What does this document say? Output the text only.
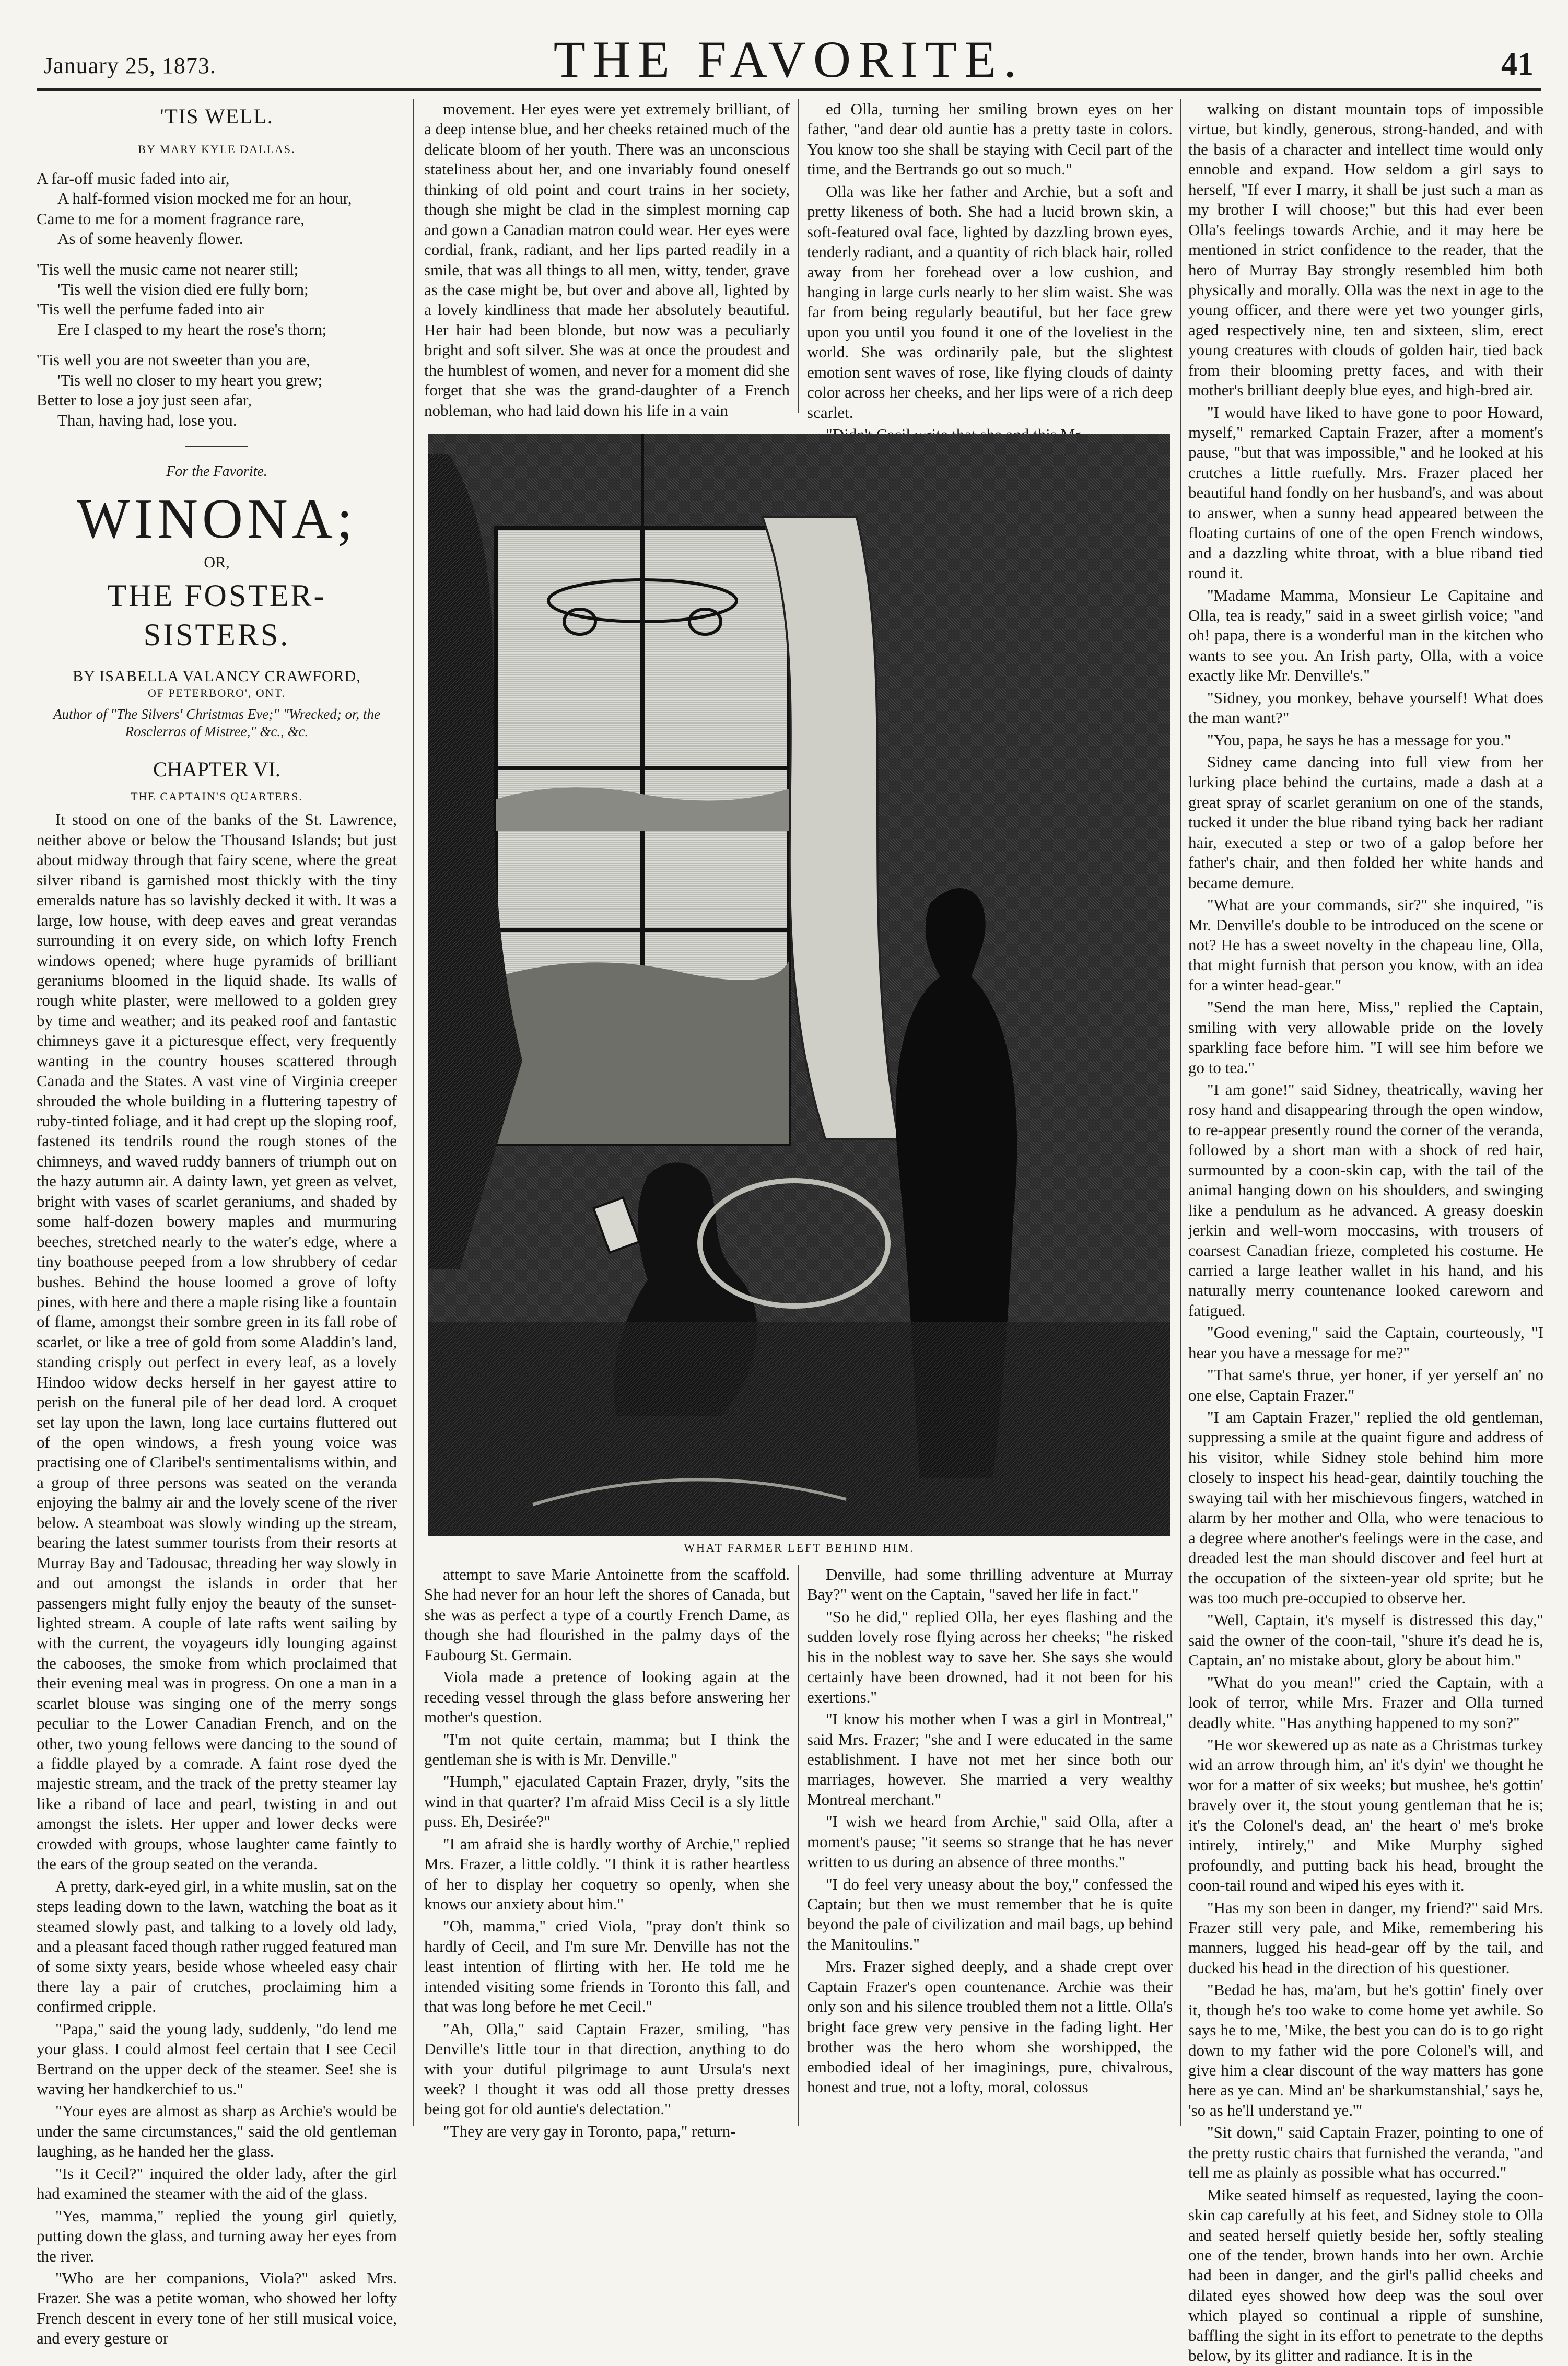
January 25, 1873.	THE FAVORITE.	41
'TIS WELL.
BY MARY KYLE DALLAS.

A far-off music faded into air,

A half-formed vision mocked me for an hour,

Came to me for a moment fragrance rare,

As of some heavenly flower.

'Tis well the music came not nearer still;

'Tis well the vision died ere fully born;

'Tis well the perfume faded into air

Ere I clasped to my heart the rose's thorn;

'Tis well you are not sweeter than you are,

'Tis well no closer to my heart you grew;

Better to lose a joy just seen afar,

Than, having had, lose you.

For the Favorite.
WINONA;
OR,
THE FOSTER-SISTERS.
BY ISABELLA VALANCY CRAWFORD,
OF PETERBORO', ONT.
Author of "The Silvers' Christmas Eve;" "Wrecked; or, the Rosclerras of Mistree," &c., &c.
CHAPTER VI.
THE CAPTAIN'S QUARTERS.

It stood on one of the banks of the St. Lawrence, neither above or below the Thousand Islands; but just about midway through that fairy scene, where the great silver riband is garnished most thickly with the tiny emeralds nature has so lavishly decked it with. It was a large, low house, with deep eaves and great verandas surrounding it on every side, on which lofty French windows opened; where huge pyramids of brilliant geraniums bloomed in the liquid shade. Its walls of rough white plaster, were mellowed to a golden grey by time and weather; and its peaked roof and fantastic chimneys gave it a picturesque effect, very frequently wanting in the country houses scattered through Canada and the States. A vast vine of Virginia creeper shrouded the whole building in a fluttering tapestry of ruby-tinted foliage, and it had crept up the sloping roof, fastened its tendrils round the rough stones of the chimneys, and waved ruddy banners of triumph out on the hazy autumn air. A dainty lawn, yet green as velvet, bright with vases of scarlet geraniums, and shaded by some half-dozen bowery maples and murmuring beeches, stretched nearly to the water's edge, where a tiny boathouse peeped from a low shrubbery of cedar bushes. Behind the house loomed a grove of lofty pines, with here and there a maple rising like a fountain of flame, amongst their sombre green in its fall robe of scarlet, or like a tree of gold from some Aladdin's land, standing crisply out perfect in every leaf, as a lovely Hindoo widow decks herself in her gayest attire to perish on the funeral pile of her dead lord. A croquet set lay upon the lawn, long lace curtains fluttered out of the open windows, a fresh young voice was practising one of Claribel's sentimentalisms within, and a group of three persons was seated on the veranda enjoying the balmy air and the lovely scene of the river below. A steamboat was slowly winding up the stream, bearing the latest summer tourists from their resorts at Murray Bay and Tadousac, threading her way slowly in and out amongst the islands in order that her passengers might fully enjoy the beauty of the sunset-lighted stream. A couple of late rafts went sailing by with the current, the voyageurs idly lounging against the cabooses, the smoke from which proclaimed that their evening meal was in progress. On one a man in a scarlet blouse was singing one of the merry songs peculiar to the Lower Canadian French, and on the other, two young fellows were dancing to the sound of a fiddle played by a comrade. A faint rose dyed the majestic stream, and the track of the pretty steamer lay like a riband of lace and pearl, twisting in and out amongst the islets. Her upper and lower decks were crowded with groups, whose laughter came faintly to the ears of the group seated on the veranda.

A pretty, dark-eyed girl, in a white muslin, sat on the steps leading down to the lawn, watching the boat as it steamed slowly past, and talking to a lovely old lady, and a pleasant faced though rather rugged featured man of some sixty years, beside whose wheeled easy chair there lay a pair of crutches, proclaiming him a confirmed cripple.

"Papa," said the young lady, suddenly, "do lend me your glass. I could almost feel certain that I see Cecil Bertrand on the upper deck of the steamer. See! she is waving her handkerchief to us."

"Your eyes are almost as sharp as Archie's would be under the same circumstances," said the old gentleman laughing, as he handed her the glass.

"Is it Cecil?" inquired the older lady, after the girl had examined the steamer with the aid of the glass.

"Yes, mamma," replied the young girl quietly, putting down the glass, and turning away her eyes from the river.

"Who are her companions, Viola?" asked Mrs. Frazer. She was a petite woman, who showed her lofty French descent in every tone of her still musical voice, and every gesture or

movement. Her eyes were yet extremely brilliant, of a deep intense blue, and her cheeks retained much of the delicate bloom of her youth. There was an unconscious stateliness about her, and one invariably found oneself thinking of old point and court trains in her society, though she might be clad in the simplest morning cap and gown a Canadian matron could wear. Her eyes were cordial, frank, radiant, and her lips parted readily in a smile, that was all things to all men, witty, tender, grave as the case might be, but over and above all, lighted by a lovely kindliness that made her absolutely beautiful. Her hair had been blonde, but now was a peculiarly bright and soft silver. She was at once the proudest and the humblest of women, and never for a moment did she forget that she was the grand-daughter of a French nobleman, who had laid down his life in a vain

ed Olla, turning her smiling brown eyes on her father, "and dear old auntie has a pretty taste in colors. You know too she shall be staying with Cecil part of the time, and the Bertrands go out so much."

Olla was like her father and Archie, but a soft and pretty likeness of both. She had a lucid brown skin, a soft-featured oval face, lighted by dazzling brown eyes, tenderly radiant, and a quantity of rich black hair, rolled away from her forehead over a low cushion, and hanging in large curls nearly to her slim waist. She was far from being regularly beautiful, but her face grew upon you until you found it one of the loveliest in the world. She was ordinarily pale, but the slightest emotion sent waves of rose, like flying clouds of dainty color across her cheeks, and her lips were of a rich deep scarlet.

WHAT FARMER LEFT BEHIND HIM.

attempt to save Marie Antoinette from the scaffold. She had never for an hour left the shores of Canada, but she was as perfect a type of a courtly French Dame, as though she had flourished in the palmy days of the Faubourg St. Germain.

Viola made a pretence of looking again at the receding vessel through the glass before answering her mother's question.

"I'm not quite certain, mamma; but I think the gentleman she is with is Mr. Denville."

"Humph," ejaculated Captain Frazer, dryly, "sits the wind in that quarter? I'm afraid Miss Cecil is a sly little puss. Eh, Desirée?"

"I am afraid she is hardly worthy of Archie," replied Mrs. Frazer, a little coldly. "I think it is rather heartless of her to display her coquetry so openly, when she knows our anxiety about him."

"Oh, mamma," cried Viola, "pray don't think so hardly of Cecil, and I'm sure Mr. Denville has not the least intention of flirting with her. He told me he intended visiting some friends in Toronto this fall, and that was long before he met Cecil."

"Ah, Olla," said Captain Frazer, smiling, "has Denville's little tour in that direction, anything to do with your dutiful pilgrimage to aunt Ursula's next week? I thought it was odd all those pretty dresses being got for old auntie's delectation."

"They are very gay in Toronto, papa," return-

Denville, had some thrilling adventure at Murray Bay?" went on the Captain, "saved her life in fact."

"So he did," replied Olla, her eyes flashing and the sudden lovely rose flying across her cheeks; "he risked his in the noblest way to save her. She says she would certainly have been drowned, had it not been for his exertions."

"I know his mother when I was a girl in Montreal," said Mrs. Frazer; "she and I were educated in the same establishment. I have not met her since both our marriages, however. She married a very wealthy Montreal merchant."

"I wish we heard from Archie," said Olla, after a moment's pause; "it seems so strange that he has never written to us during an absence of three months."

"I do feel very uneasy about the boy," confessed the Captain; but then we must remember that he is quite beyond the pale of civilization and mail bags, up behind the Manitoulins."

Mrs. Frazer sighed deeply, and a shade crept over Captain Frazer's open countenance. Archie was their only son and his silence troubled them not a little. Olla's bright face grew very pensive in the fading light. Her brother was the hero whom she worshipped, the embodied ideal of her imaginings, pure, chivalrous, honest and true, not a lofty, moral, colossus

walking on distant mountain tops of impossible virtue, but kindly, generous, strong-handed, and with the basis of a character and intellect time would only ennoble and expand. How seldom a girl says to herself, "If ever I marry, it shall be just such a man as my brother I will choose;" but this had ever been Olla's feelings towards Archie, and it may here be mentioned in strict confidence to the reader, that the hero of Murray Bay strongly resembled him both physically and morally. Olla was the next in age to the young officer, and there were yet two younger girls, aged respectively nine, ten and sixteen, slim, erect young creatures with clouds of golden hair, tied back from their blooming pretty faces, and with their mother's brilliant deeply blue eyes, and high-bred air.

"I would have liked to have gone to poor Howard, myself," remarked Captain Frazer, after a moment's pause, "but that was impossible," and he looked at his crutches a little ruefully. Mrs. Frazer placed her beautiful hand fondly on her husband's, and was about to answer, when a sunny head appeared between the floating curtains of one of the open French windows, and a dazzling white throat, with a blue riband tied round it.

"Madame Mamma, Monsieur Le Capitaine and Olla, tea is ready," said in a sweet girlish voice; "and oh! papa, there is a wonderful man in the kitchen who wants to see you. An Irish party, Olla, with a voice exactly like Mr. Denville's."

"Sidney, you monkey, behave yourself! What does the man want?"

"You, papa, he says he has a message for you."

Sidney came dancing into full view from her lurking place behind the curtains, made a dash at a great spray of scarlet geranium on one of the stands, tucked it under the blue riband tying back her radiant hair, executed a step or two of a galop before her father's chair, and then folded her white hands and became demure.

"What are your commands, sir?" she inquired, "is Mr. Denville's double to be introduced on the scene or not? He has a sweet novelty in the chapeau line, Olla, that might furnish that person you know, with an idea for a winter head-gear."

"Send the man here, Miss," replied the Captain, smiling with very allowable pride on the lovely sparkling face before him. "I will see him before we go to tea."

"I am gone!" said Sidney, theatrically, waving her rosy hand and disappearing through the open window, to re-appear presently round the corner of the veranda, followed by a short man with a shock of red hair, surmounted by a coon-skin cap, with the tail of the animal hanging down on his shoulders, and swinging like a pendulum as he advanced. A greasy doeskin jerkin and well-worn moccasins, with trousers of coarsest Canadian frieze, completed his costume. He carried a large leather wallet in his hand, and his naturally merry countenance looked careworn and fatigued.

"Good evening," said the Captain, courteously, "I hear you have a message for me?"

"That same's thrue, yer honer, if yer yerself an' no one else, Captain Frazer."

"I am Captain Frazer," replied the old gentleman, suppressing a smile at the quaint figure and address of his visitor, while Sidney stole behind him more closely to inspect his head-gear, daintily touching the swaying tail with her mischievous fingers, watched in alarm by her mother and Olla, who were tenacious to a degree where another's feelings were in the case, and dreaded lest the man should discover and feel hurt at the occupation of the sixteen-year old sprite; but he was too much pre-occupied to observe her.

"Well, Captain, it's myself is distressed this day," said the owner of the coon-tail, "shure it's dead he is, Captain, an' no mistake about, glory be about him."

"What do you mean!" cried the Captain, with a look of terror, while Mrs. Frazer and Olla turned deadly white. "Has anything happened to my son?"

"He wor skewered up as nate as a Christmas turkey wid an arrow through him, an' it's dyin' we thought he wor for a matter of six weeks; but mushee, he's gottin' bravely over it, the stout young gentleman that he is; it's the Colonel's dead, an' the heart o' me's broke intirely, intirely," and Mike Murphy sighed profoundly, and putting back his head, brought the coon-tail round and wiped his eyes with it.

"Has my son been in danger, my friend?" said Mrs. Frazer still very pale, and Mike, remembering his manners, lugged his head-gear off by the tail, and ducked his head in the direction of his questioner.

"Bedad he has, ma'am, but he's gottin' finely over it, though he's too wake to come home yet awhile. So says he to me, 'Mike, the best you can do is to go right down to my father wid the pore Colonel's will, and give him a clear discount of the way matters has gone here as ye can. Mind an' be sharkumstanshial,' says he, 'so as he'll understand ye.'"

"Sit down," said Captain Frazer, pointing to one of the pretty rustic chairs that furnished the veranda, "and tell me as plainly as possible what has occurred."

Mike seated himself as requested, laying the coon-skin cap carefully at his feet, and Sidney stole to Olla and seated herself quietly beside her, softly stealing one of the tender, brown hands into her own. Archie had been in danger, and the girl's pallid cheeks and dilated eyes showed how deep was the soul over which played so continual a ripple of sunshine, baffling the sight in its effort to penetrate to the depths below, by its glitter and radiance. It is in the
